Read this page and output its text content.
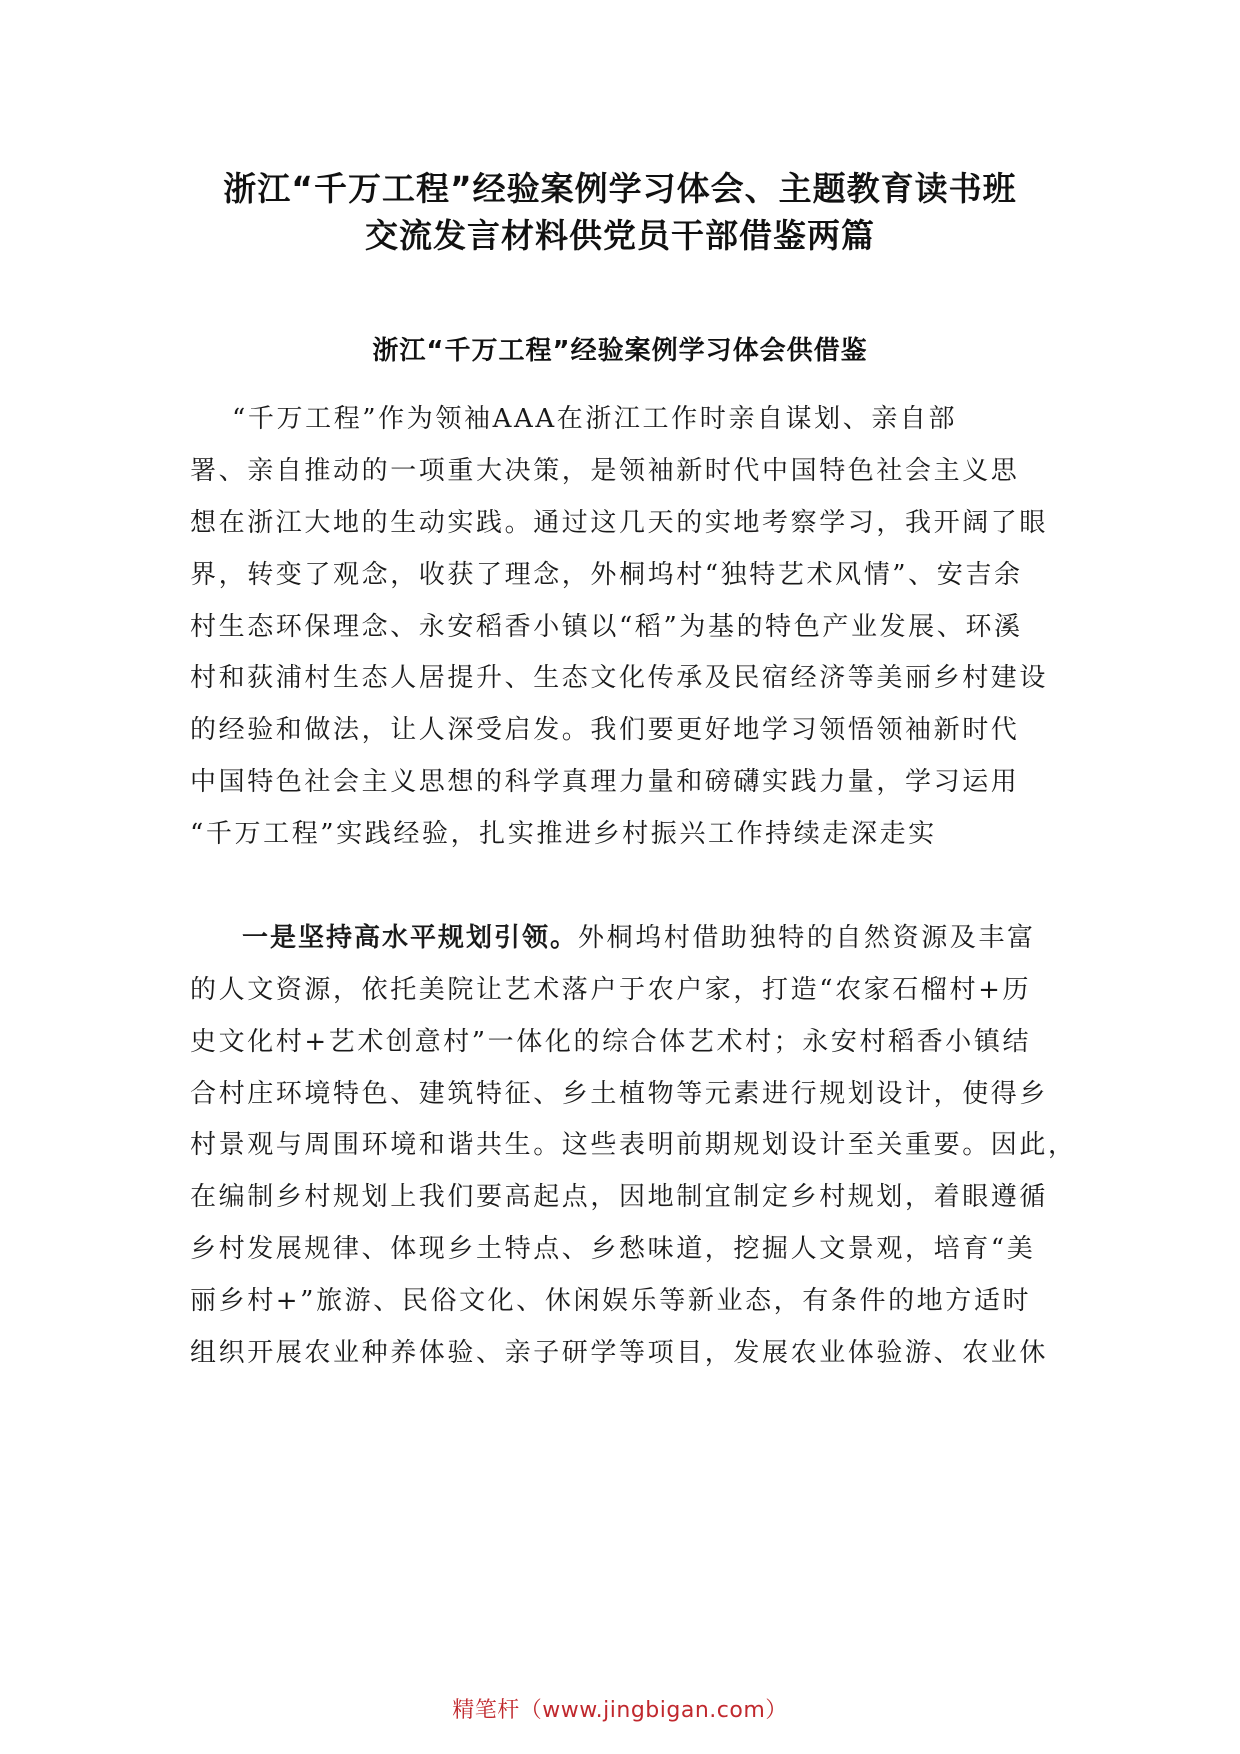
浙江“千万工程”经验案例学习体会、主题教育读书班
交流发言材料供党员干部借鉴两篇
浙江“千万工程”经验案例学习体会供借鉴

“千万工程”作为领袖AAA在浙江工作时亲自谋划、亲自部

署、亲自推动的一项重大决策，是领袖新时代中国特色社会主义思

想在浙江大地的生动实践。通过这几天的实地考察学习，我开阔了眼

界，转变了观念，收获了理念，外桐坞村“独特艺术风情”、安吉余

村生态环保理念、永安稻香小镇以“稻”为基的特色产业发展、环溪

村和荻浦村生态人居提升、生态文化传承及民宿经济等美丽乡村建设

的经验和做法，让人深受启发。我们要更好地学习领悟领袖新时代

中国特色社会主义思想的科学真理力量和磅礴实践力量，学习运用

“千万工程”实践经验，扎实推进乡村振兴工作持续走深走实

一是坚持高水平规划引领。外桐坞村借助独特的自然资源及丰富

的人文资源，依托美院让艺术落户于农户家，打造“农家石榴村+历

史文化村+艺术创意村”一体化的综合体艺术村；永安村稻香小镇结

合村庄环境特色、建筑特征、乡土植物等元素进行规划设计，使得乡

村景观与周围环境和谐共生。这些表明前期规划设计至关重要。因此，

在编制乡村规划上我们要高起点，因地制宜制定乡村规划，着眼遵循

乡村发展规律、体现乡土特点、乡愁味道，挖掘人文景观，培育“美

丽乡村+”旅游、民俗文化、休闲娱乐等新业态，有条件的地方适时

组织开展农业种养体验、亲子研学等项目，发展农业体验游、农业休

精笔杆（www.jingbigan.com）
